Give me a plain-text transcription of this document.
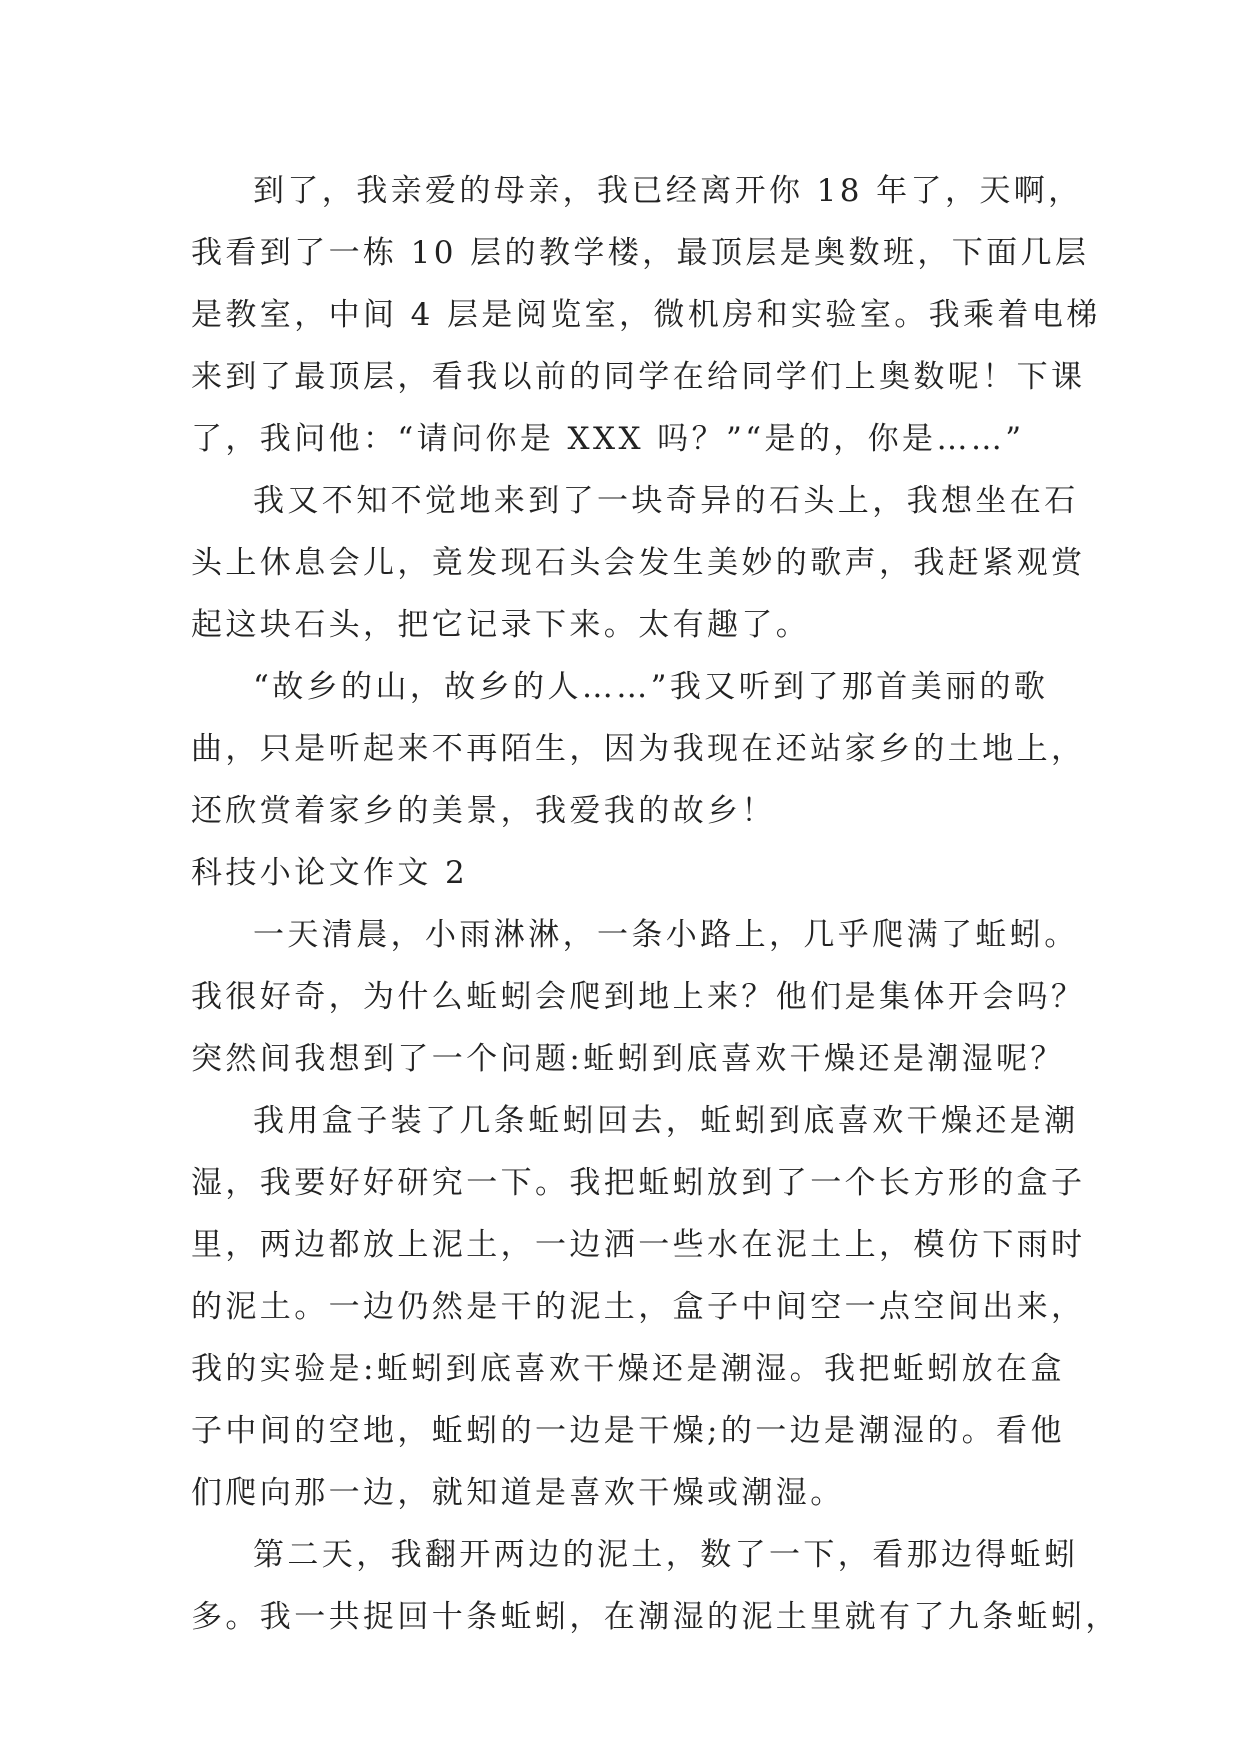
到了，我亲爱的母亲，我已经离开你 18 年了，天啊，
我看到了一栋 10 层的教学楼，最顶层是奥数班，下面几层
是教室，中间 4 层是阅览室，微机房和实验室。我乘着电梯
来到了最顶层，看我以前的同学在给同学们上奥数呢！下课
了，我问他：“请问你是 XXX 吗？”“是的，你是……”
我又不知不觉地来到了一块奇异的石头上，我想坐在石
头上休息会儿，竟发现石头会发生美妙的歌声，我赶紧观赏
起这块石头，把它记录下来。太有趣了。
“故乡的山，故乡的人……”我又听到了那首美丽的歌
曲，只是听起来不再陌生，因为我现在还站家乡的土地上，
还欣赏着家乡的美景，我爱我的故乡！
科技小论文作文 2
一天清晨，小雨淋淋，一条小路上，几乎爬满了蚯蚓。
我很好奇，为什么蚯蚓会爬到地上来？他们是集体开会吗？
突然间我想到了一个问题:蚯蚓到底喜欢干燥还是潮湿呢？
我用盒子装了几条蚯蚓回去，蚯蚓到底喜欢干燥还是潮
湿，我要好好研究一下。我把蚯蚓放到了一个长方形的盒子
里，两边都放上泥土，一边洒一些水在泥土上，模仿下雨时
的泥土。一边仍然是干的泥土，盒子中间空一点空间出来，
我的实验是:蚯蚓到底喜欢干燥还是潮湿。我把蚯蚓放在盒
子中间的空地，蚯蚓的一边是干燥;的一边是潮湿的。看他
们爬向那一边，就知道是喜欢干燥或潮湿。
第二天，我翻开两边的泥土，数了一下，看那边得蚯蚓
多。我一共捉回十条蚯蚓，在潮湿的泥土里就有了九条蚯蚓，
